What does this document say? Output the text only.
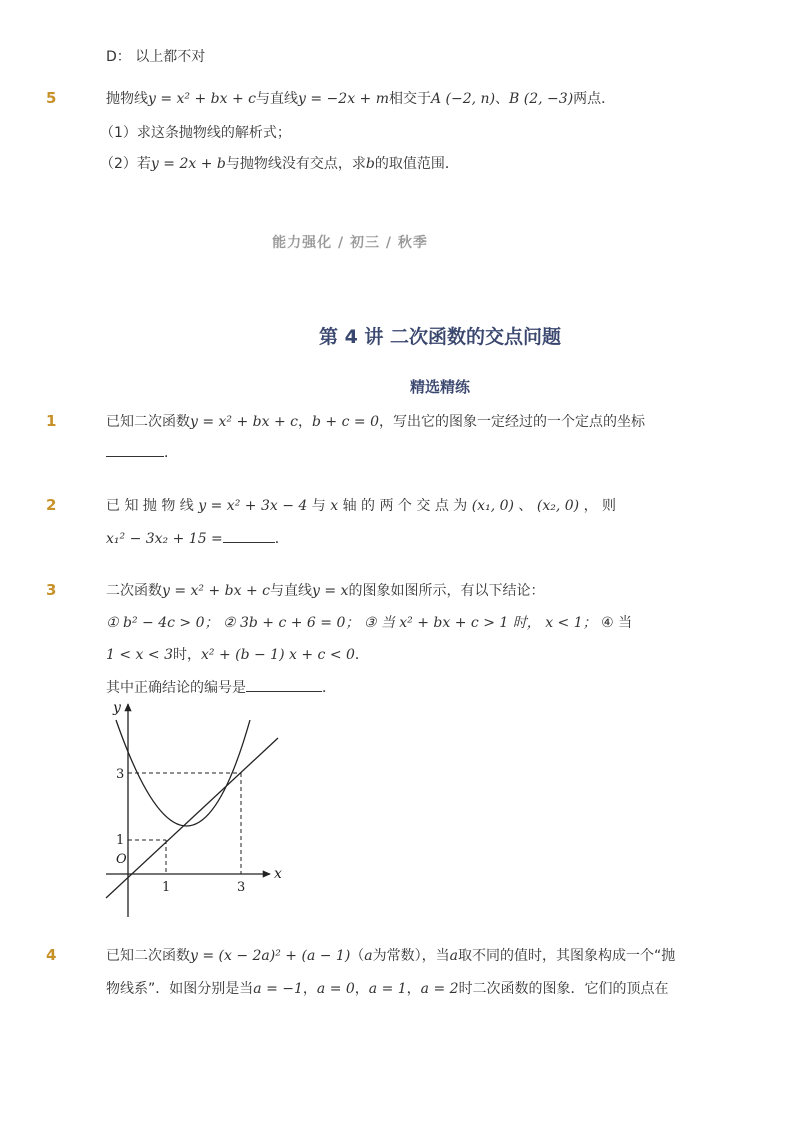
D： 以上都不对
5	抛物线y = x² + bx + c与直线y = −2x + m相交于A (−2, n)、B (2, −3)两点．
（1）求这条抛物线的解析式；
（2）若y = 2x + b与抛物线没有交点，求b的取值范围．
能力强化 / 初三 / 秋季
第 4 讲 二次函数的交点问题
精选精练
1	已知二次函数y = x² + bx + c，b + c = 0，写出它的图象一定经过的一个定点的坐标
．
2	已 知 抛 物 线 y = x² + 3x − 4 与 x 轴 的 两 个 交 点 为 (x₁, 0) 、 (x₂, 0) ， 则
x₁² − 3x₂ + 15 =	．
3	二次函数y = x² + bx + c与直线y = x的图象如图所示，有以下结论：
① b² − 4c > 0； ② 3b + c + 6 = 0； ③ 当 x² + bx + c > 1 时， x < 1； ④ 当
1 < x < 3时，x² + (b − 1) x + c < 0．
其中正确结论的编号是	．
y
x
O
1	3
1
3
4	已知二次函数y = (x − 2a)² + (a − 1)（a为常数），当a取不同的值时，其图象构成一个“抛
物线系”．如图分别是当a = −1，a = 0，a = 1，a = 2时二次函数的图象．它们的顶点在
